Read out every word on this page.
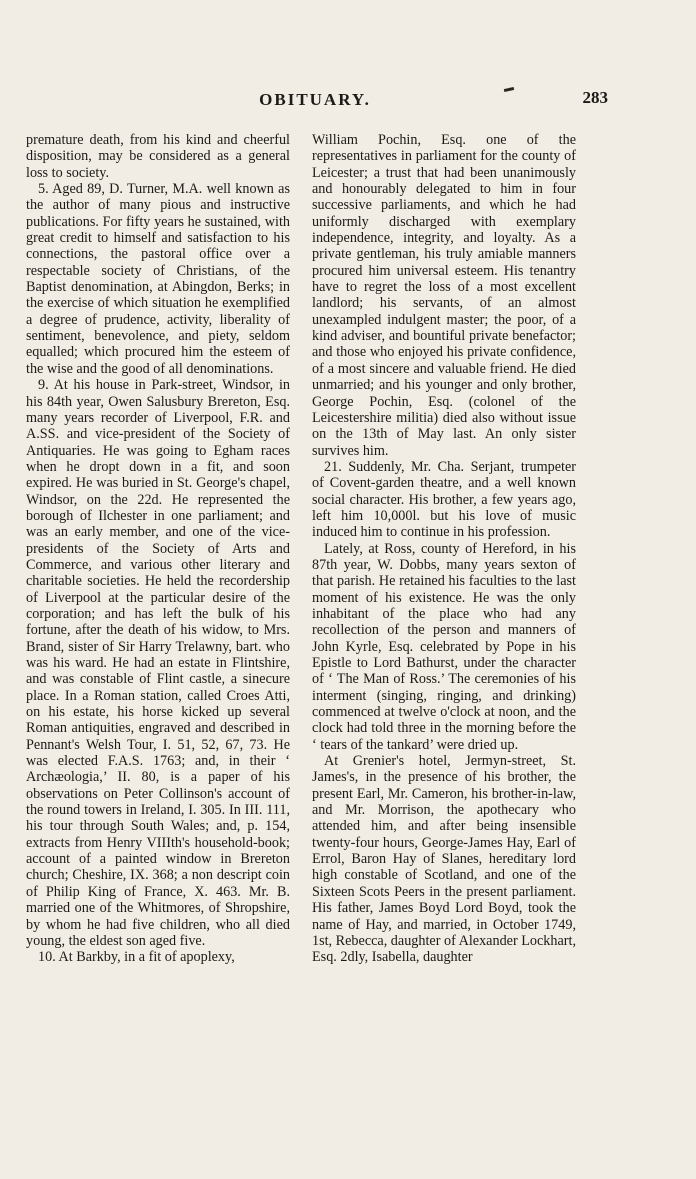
OBITUARY.	283

premature death, from his kind and cheerful disposition, may be considered as a general loss to society.

5. Aged 89, D. Turner, M.A. well known as the author of many pious and instructive publications. For fifty years he sustained, with great credit to himself and satisfaction to his connections, the pastoral office over a respectable society of Christians, of the Baptist denomination, at Abingdon, Berks; in the exercise of which situation he exemplified a degree of prudence, activity, liberality of sentiment, benevolence, and piety, seldom equalled; which procured him the esteem of the wise and the good of all denominations.

9. At his house in Park-street, Windsor, in his 84th year, Owen Salusbury Brereton, Esq. many years recorder of Liverpool, F.R. and A.SS. and vice-president of the Society of Antiquaries. He was going to Egham races when he dropt down in a fit, and soon expired. He was buried in St. George's chapel, Windsor, on the 22d. He represented the borough of Ilchester in one parliament; and was an early member, and one of the vice-presidents of the Society of Arts and Commerce, and various other literary and charitable societies. He held the recordership of Liverpool at the particular desire of the corporation; and has left the bulk of his fortune, after the death of his widow, to Mrs. Brand, sister of Sir Harry Trelawny, bart. who was his ward. He had an estate in Flintshire, and was constable of Flint castle, a sinecure place. In a Roman station, called Croes Atti, on his estate, his horse kicked up several Roman antiquities, engraved and described in Pennant's Welsh Tour, I. 51, 52, 67, 73. He was elected F.A.S. 1763; and, in their ‘ Archæologia,’ II. 80, is a paper of his observations on Peter Collinson's account of the round towers in Ireland, I. 305. In III. 111, his tour through South Wales; and, p. 154, extracts from Henry VIIIth's household-book; account of a painted window in Brereton church; Cheshire, IX. 368; a non descript coin of Philip King of France, X. 463. Mr. B. married one of the Whitmores, of Shropshire, by whom he had five children, who all died young, the eldest son aged five.

10. At Barkby, in a fit of apoplexy,

William Pochin, Esq. one of the representatives in parliament for the county of Leicester; a trust that had been unanimously and honourably delegated to him in four successive parliaments, and which he had uniformly discharged with exemplary independence, integrity, and loyalty. As a private gentleman, his truly amiable manners procured him universal esteem. His tenantry have to regret the loss of a most excellent landlord; his servants, of an almost unexampled indulgent master; the poor, of a kind adviser, and bountiful private benefactor; and those who enjoyed his private confidence, of a most sincere and valuable friend. He died unmarried; and his younger and only brother, George Pochin, Esq. (colonel of the Leicestershire militia) died also without issue on the 13th of May last. An only sister survives him.

21. Suddenly, Mr. Cha. Serjant, trumpeter of Covent-garden theatre, and a well known social character. His brother, a few years ago, left him 10,000l. but his love of music induced him to continue in his profession.

Lately, at Ross, county of Hereford, in his 87th year, W. Dobbs, many years sexton of that parish. He retained his faculties to the last moment of his existence. He was the only inhabitant of the place who had any recollection of the person and manners of John Kyrle, Esq. celebrated by Pope in his Epistle to Lord Bathurst, under the character of ‘ The Man of Ross.’ The ceremonies of his interment (singing, ringing, and drinking) commenced at twelve o'clock at noon, and the clock had told three in the morning before the ‘ tears of the tankard’ were dried up.

At Grenier's hotel, Jermyn-street, St. James's, in the presence of his brother, the present Earl, Mr. Cameron, his brother-in-law, and Mr. Morrison, the apothecary who attended him, and after being insensible twenty-four hours, George-James Hay, Earl of Errol, Baron Hay of Slanes, hereditary lord high constable of Scotland, and one of the Sixteen Scots Peers in the present parliament. His father, James Boyd Lord Boyd, took the name of Hay, and married, in October 1749, 1st, Rebecca, daughter of Alexander Lockhart, Esq. 2dly, Isabella, daughter
